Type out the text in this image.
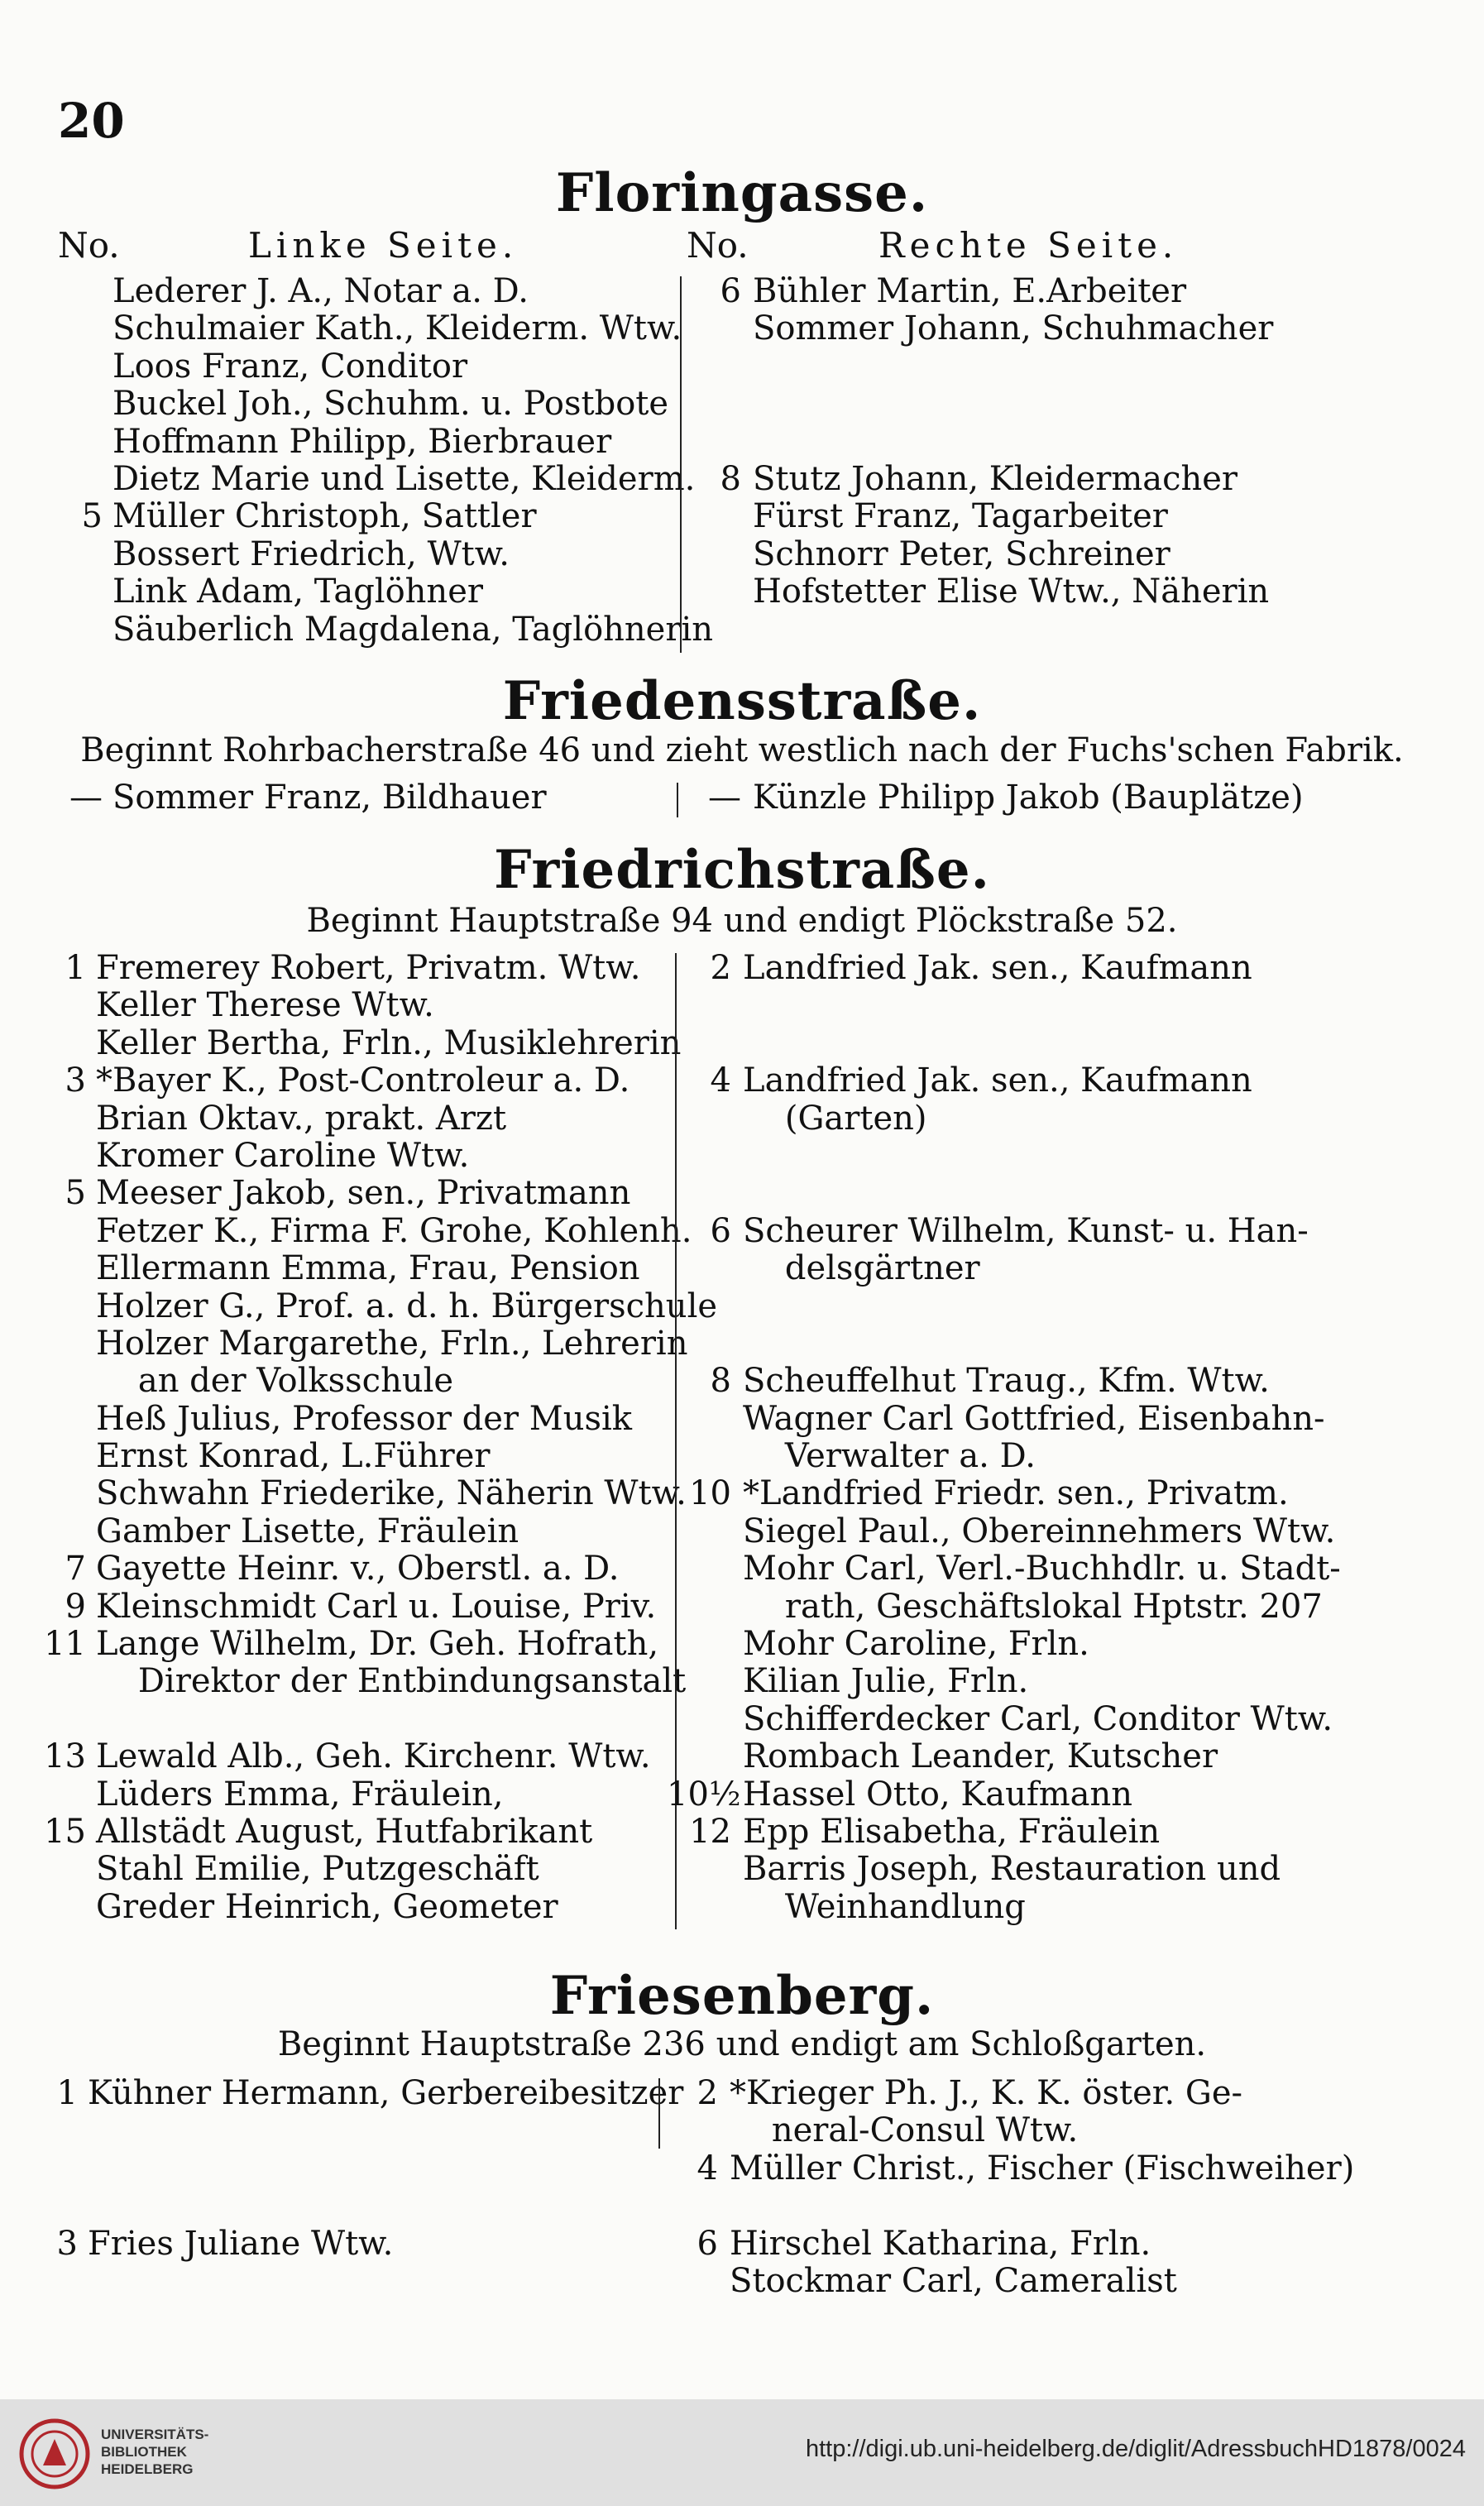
20
Floringasse.
No.	Linke Seite.	No.	Rechte Seite.
Lederer J. A., Notar a. D.
Schulmaier Kath., Kleiderm. Wtw.
Loos Franz, Conditor
Buckel Joh., Schuhm. u. Postbote
Hoffmann Philipp, Bierbrauer
Dietz Marie und Lisette, Kleiderm.
5 Müller Christoph, Sattler
Bossert Friedrich, Wtw.
Link Adam, Taglöhner
Säuberlich Magdalena, Taglöhnerin
6 Bühler Martin, E.Arbeiter
Sommer Johann, Schuhmacher
8 Stutz Johann, Kleidermacher
Fürst Franz, Tagarbeiter
Schnorr Peter, Schreiner
Hofstetter Elise Wtw., Näherin
Friedensstraße.
Beginnt Rohrbacherstraße 46 und zieht westlich nach der Fuchs'schen Fabrik.
— Sommer Franz, Bildhauer	— Künzle Philipp Jakob (Bauplätze)
Friedrichstraße.
Beginnt Hauptstraße 94 und endigt Plöckstraße 52.
1 Fremerey Robert, Privatm. Wtw.
Keller Therese Wtw.
Keller Bertha, Frln., Musiklehrerin
3 *Bayer K., Post-Controleur a. D.
Brian Oktav., prakt. Arzt
Kromer Caroline Wtw.
5 Meeser Jakob, sen., Privatmann
Fetzer K., Firma F. Grohe, Kohlenh.
Ellermann Emma, Frau, Pension
Holzer G., Prof. a. d. h. Bürgerschule
Holzer Margarethe, Frln., Lehrerin
an der Volksschule
Heß Julius, Professor der Musik
Ernst Konrad, L.Führer
Schwahn Friederike, Näherin Wtw.
Gamber Lisette, Fräulein
7 Gayette Heinr. v., Oberstl. a. D.
9 Kleinschmidt Carl u. Louise, Priv.
11 Lange Wilhelm, Dr. Geh. Hofrath,
Direktor der Entbindungsanstalt
13 Lewald Alb., Geh. Kirchenr. Wtw.
Lüders Emma, Fräulein,
15 Allstädt August, Hutfabrikant
Stahl Emilie, Putzgeschäft
Greder Heinrich, Geometer
2 Landfried Jak. sen., Kaufmann
4 Landfried Jak. sen., Kaufmann
(Garten)
6 Scheurer Wilhelm, Kunst- u. Han-
delsgärtner
8 Scheuffelhut Traug., Kfm. Wtw.
Wagner Carl Gottfried, Eisenbahn-
Verwalter a. D.
10 *Landfried Friedr. sen., Privatm.
Siegel Paul., Obereinnehmers Wtw.
Mohr Carl, Verl.-Buchhdlr. u. Stadt-
rath, Geschäftslokal Hptstr. 207
Mohr Caroline, Frln.
Kilian Julie, Frln.
Schifferdecker Carl, Conditor Wtw.
Rombach Leander, Kutscher
10½ Hassel Otto, Kaufmann
12 Epp Elisabetha, Fräulein
Barris Joseph, Restauration und
Weinhandlung
Friesenberg.
Beginnt Hauptstraße 236 und endigt am Schloßgarten.
1 Kühner Hermann, Gerbereibesitzer
3 Fries Juliane Wtw.
2 *Krieger Ph. J., K. K. öster. Ge-
neral-Consul Wtw.
4 Müller Christ., Fischer (Fischweiher)
6 Hirschel Katharina, Frln.
Stockmar Carl, Cameralist
UNIVERSITÄTS-
BIBLIOTHEK
HEIDELBERG
http://digi.ub.uni-heidelberg.de/diglit/AdressbuchHD1878/0024
